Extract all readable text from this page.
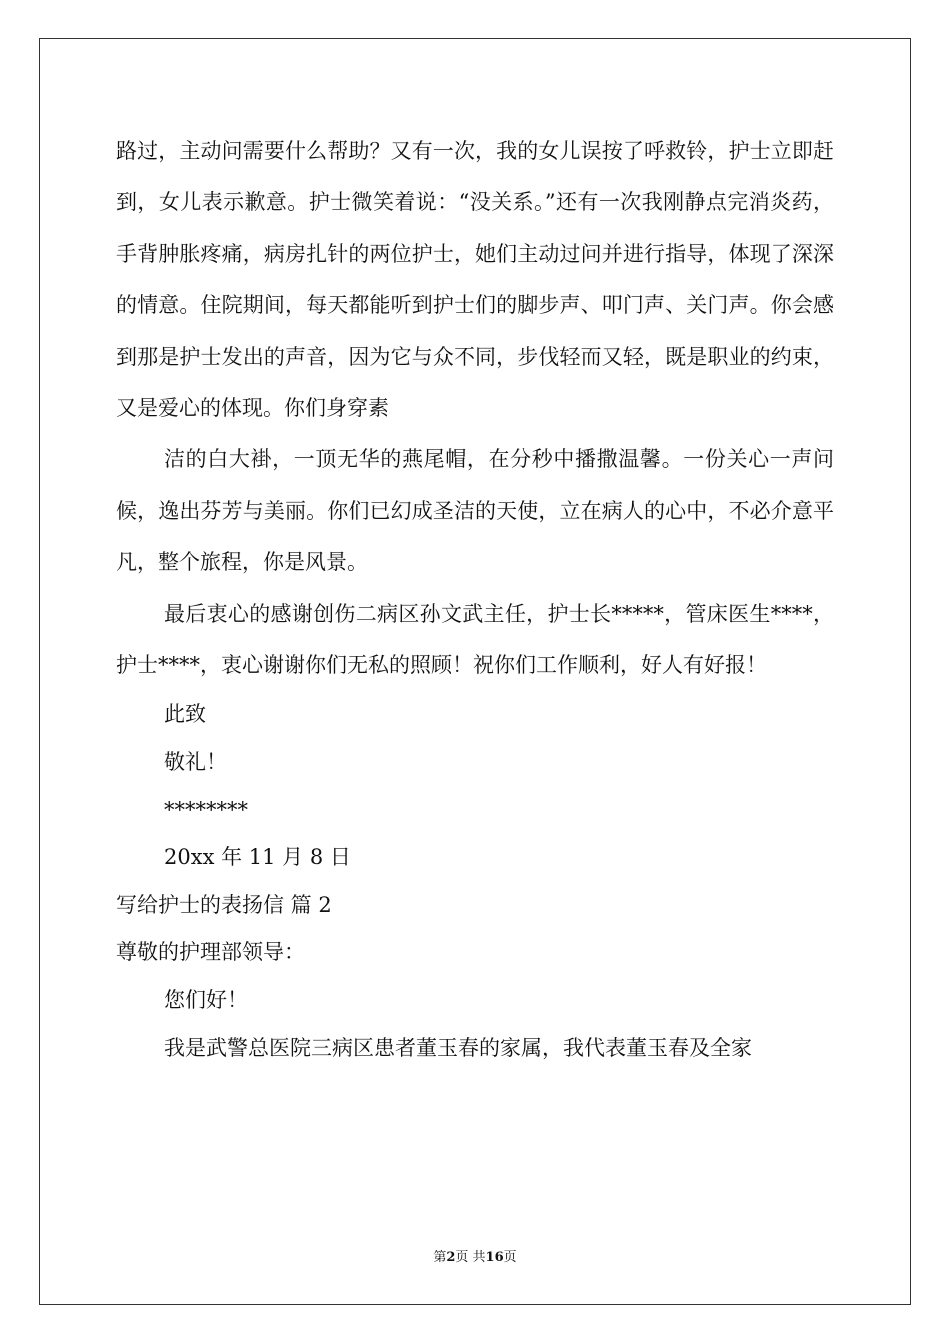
路过，主动问需要什么帮助？又有一次，我的女儿误按了呼救铃，护士立即赶到，女儿表示歉意。护士微笑着说：“没关系。”还有一次我刚静点完消炎药，手背肿胀疼痛，病房扎针的两位护士，她们主动过问并进行指导，体现了深深的情意。住院期间，每天都能听到护士们的脚步声、叩门声、关门声。你会感到那是护士发出的声音，因为它与众不同，步伐轻而又轻，既是职业的约束，又是爱心的体现。你们身穿素

洁的白大褂，一顶无华的燕尾帽，在分秒中播撒温馨。一份关心一声问候，逸出芬芳与美丽。你们已幻成圣洁的天使，立在病人的心中，不必介意平凡，整个旅程，你是风景。

最后衷心的感谢创伤二病区孙文武主任，护士长*****，管床医生****，护士****，衷心谢谢你们无私的照顾！祝你们工作顺利，好人有好报！

此致

敬礼！

********

20xx 年 11 月 8 日

写给护士的表扬信 篇 2

尊敬的护理部领导：

您们好！

我是武警总医院三病区患者董玉春的家属，我代表董玉春及全家

第2页 共16页
